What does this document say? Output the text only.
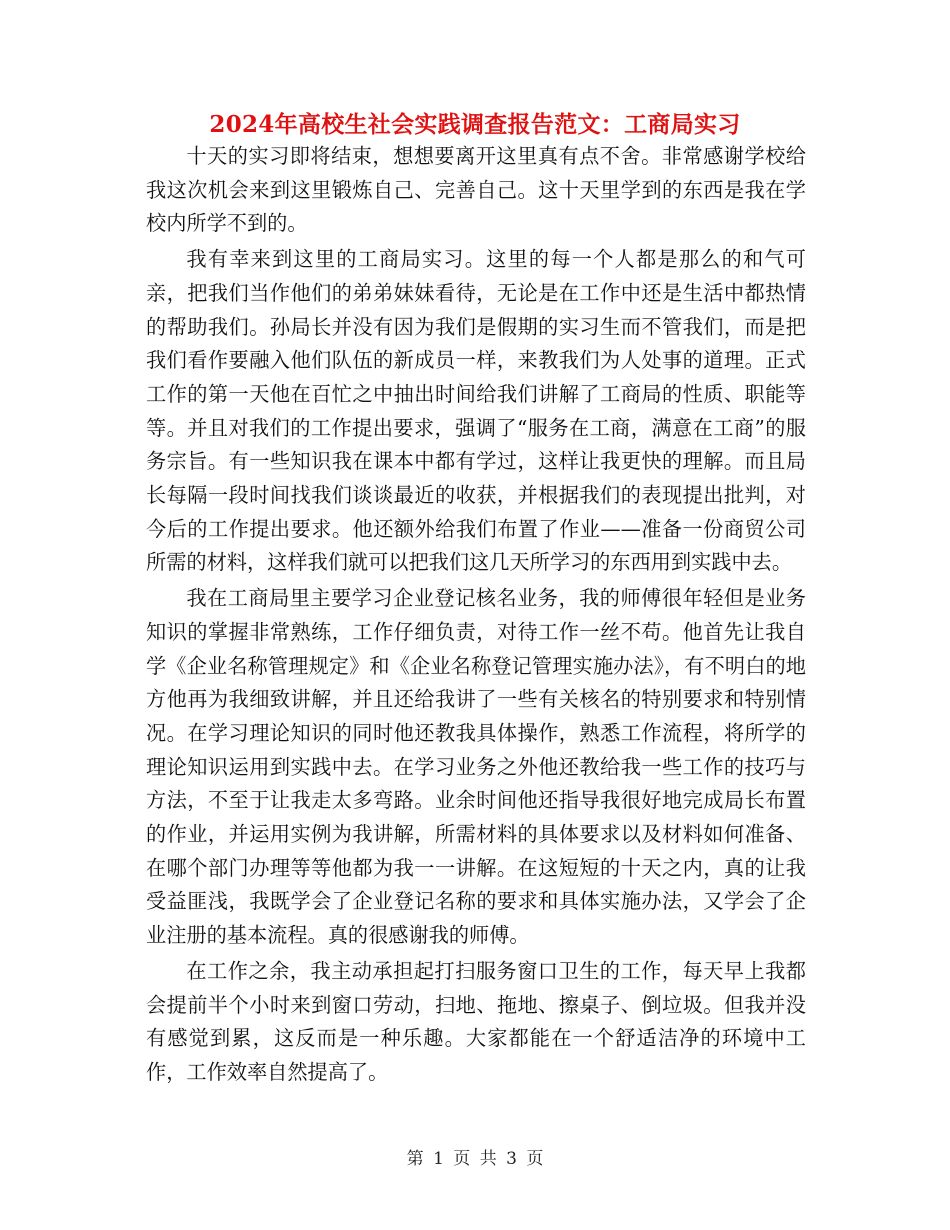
2024年高校生社会实践调查报告范文：工商局实习

十天的实习即将结束，想想要离开这里真有点不舍。非常感谢学校给我这次机会来到这里锻炼自己、完善自己。这十天里学到的东西是我在学校内所学不到的。

我有幸来到这里的工商局实习。这里的每一个人都是那么的和气可亲，把我们当作他们的弟弟妹妹看待，无论是在工作中还是生活中都热情的帮助我们。孙局长并没有因为我们是假期的实习生而不管我们，而是把我们看作要融入他们队伍的新成员一样，来教我们为人处事的道理。正式工作的第一天他在百忙之中抽出时间给我们讲解了工商局的性质、职能等等。并且对我们的工作提出要求，强调了“服务在工商，满意在工商”的服务宗旨。有一些知识我在课本中都有学过，这样让我更快的理解。而且局长每隔一段时间找我们谈谈最近的收获，并根据我们的表现提出批判，对今后的工作提出要求。他还额外给我们布置了作业——准备一份商贸公司所需的材料，这样我们就可以把我们这几天所学习的东西用到实践中去。

我在工商局里主要学习企业登记核名业务，我的师傅很年轻但是业务知识的掌握非常熟练，工作仔细负责，对待工作一丝不苟。他首先让我自学《企业名称管理规定》和《企业名称登记管理实施办法》，有不明白的地方他再为我细致讲解，并且还给我讲了一些有关核名的特别要求和特别情况。在学习理论知识的同时他还教我具体操作，熟悉工作流程，将所学的理论知识运用到实践中去。在学习业务之外他还教给我一些工作的技巧与方法，不至于让我走太多弯路。业余时间他还指导我很好地完成局长布置的作业，并运用实例为我讲解，所需材料的具体要求以及材料如何准备、在哪个部门办理等等他都为我一一讲解。在这短短的十天之内，真的让我受益匪浅，我既学会了企业登记名称的要求和具体实施办法，又学会了企业注册的基本流程。真的很感谢我的师傅。

在工作之余，我主动承担起打扫服务窗口卫生的工作，每天早上我都会提前半个小时来到窗口劳动，扫地、拖地、擦桌子、倒垃圾。但我并没有感觉到累，这反而是一种乐趣。大家都能在一个舒适洁净的环境中工作，工作效率自然提高了。

第 1 页 共 3 页
